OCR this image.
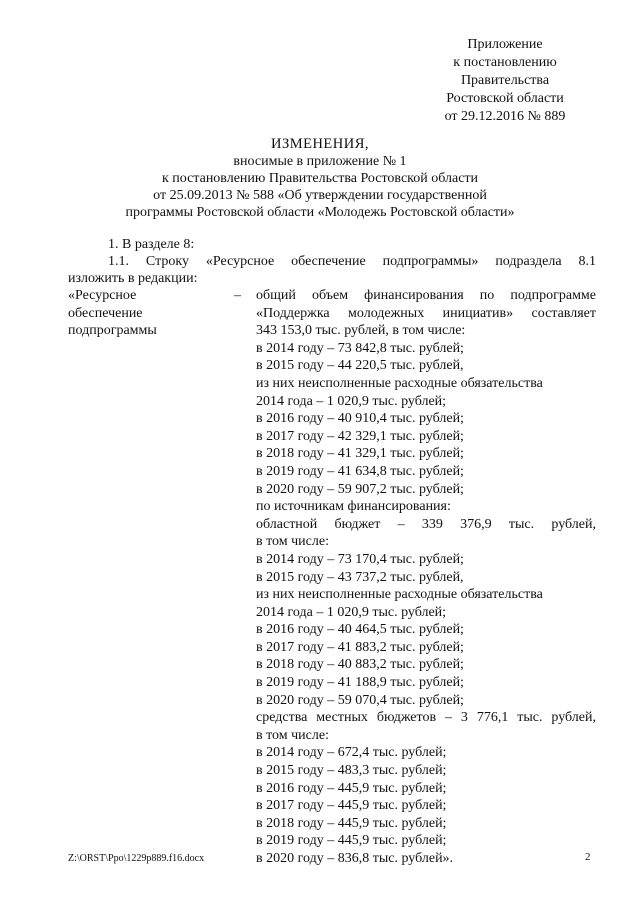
Приложение
к постановлению
Правительства
Ростовской области
от 29.12.2016 № 889
ИЗМЕНЕНИЯ,
вносимые в приложение № 1
к постановлению Правительства Ростовской области
от 25.09.2013 № 588 «Об утверждении государственной
программы Ростовской области «Молодежь Ростовской области»
1. В разделе 8:
1.1. Строку «Ресурсное обеспечение подпрограммы» подраздела 8.1
изложить в редакции:
«Ресурсное
обеспечение
подпрограммы
– общий объем финансирования по подпрограмме
«Поддержка молодежных инициатив» составляет
343 153,0 тыс. рублей, в том числе:
в 2014 году – 73 842,8 тыс. рублей;
в 2015 году – 44 220,5 тыс. рублей,
из них неисполненные расходные обязательства
2014 года – 1 020,9 тыс. рублей;
в 2016 году – 40 910,4 тыс. рублей;
в 2017 году – 42 329,1 тыс. рублей;
в 2018 году – 41 329,1 тыс. рублей;
в 2019 году – 41 634,8 тыс. рублей;
в 2020 году – 59 907,2 тыс. рублей;
по источникам финансирования:
областной бюджет – 339 376,9 тыс. рублей,
в том числе:
в 2014 году – 73 170,4 тыс. рублей;
в 2015 году – 43 737,2 тыс. рублей,
из них неисполненные расходные обязательства
2014 года – 1 020,9 тыс. рублей;
в 2016 году – 40 464,5 тыс. рублей;
в 2017 году – 41 883,2 тыс. рублей;
в 2018 году – 40 883,2 тыс. рублей;
в 2019 году – 41 188,9 тыс. рублей;
в 2020 году – 59 070,4 тыс. рублей;
средства местных бюджетов – 3 776,1 тыс. рублей,
в том числе:
в 2014 году – 672,4 тыс. рублей;
в 2015 году – 483,3 тыс. рублей;
в 2016 году – 445,9 тыс. рублей;
в 2017 году – 445,9 тыс. рублей;
в 2018 году – 445,9 тыс. рублей;
в 2019 году – 445,9 тыс. рублей;
в 2020 году – 836,8 тыс. рублей».
Z:\ORST\Ppo\1229p889.f16.docx	2
